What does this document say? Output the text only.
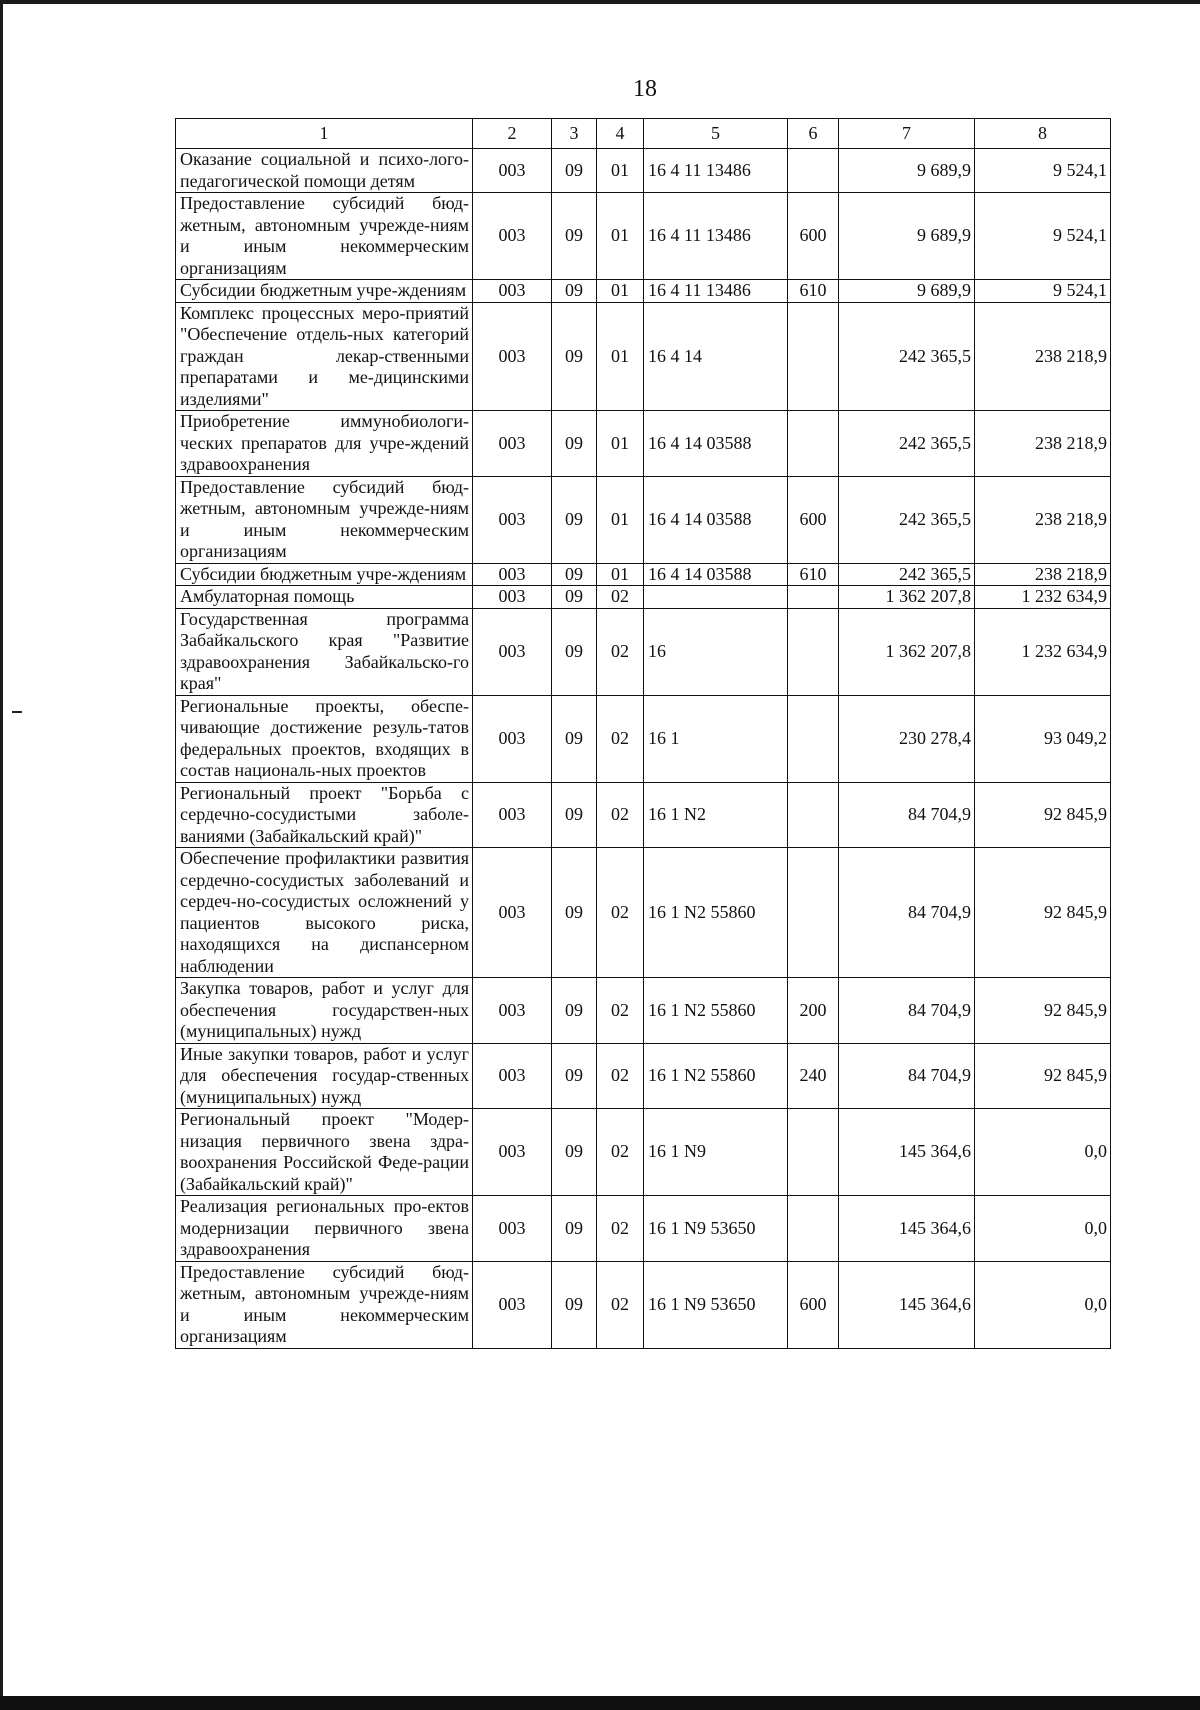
18
1	2	3	4	5	6	7	8
Оказание социальной и психо-лого-педагогической помощи детям	003	09	01	16 4 11 13486		9 689,9	9 524,1
Предоставление субсидий бюд-жетным, автономным учрежде-ниям и иным некоммерческим организациям	003	09	01	16 4 11 13486	600	9 689,9	9 524,1
Субсидии бюджетным учре-ждениям	003	09	01	16 4 11 13486	610	9 689,9	9 524,1
Комплекс процессных меро-приятий "Обеспечение отдель-ных категорий граждан лекар-ственными препаратами и ме-дицинскими изделиями"	003	09	01	16 4 14		242 365,5	238 218,9
Приобретение иммунобиологи-ческих препаратов для учре-ждений здравоохранения	003	09	01	16 4 14 03588		242 365,5	238 218,9
Предоставление субсидий бюд-жетным, автономным учрежде-ниям и иным некоммерческим организациям	003	09	01	16 4 14 03588	600	242 365,5	238 218,9
Субсидии бюджетным учре-ждениям	003	09	01	16 4 14 03588	610	242 365,5	238 218,9
Амбулаторная помощь	003	09	02			1 362 207,8	1 232 634,9
Государственная программа Забайкальского края "Развитие здравоохранения Забайкальско-го края"	003	09	02	16		1 362 207,8	1 232 634,9
Региональные проекты, обеспе-чивающие достижение резуль-татов федеральных проектов, входящих в состав националь-ных проектов	003	09	02	16 1		230 278,4	93 049,2
Региональный проект "Борьба с сердечно-сосудистыми заболе-ваниями (Забайкальский край)"	003	09	02	16 1 N2		84 704,9	92 845,9
Обеспечение профилактики развития сердечно-сосудистых заболеваний и сердеч-но-сосудистых осложнений у пациентов высокого риска, находящихся на диспансерном наблюдении	003	09	02	16 1 N2 55860		84 704,9	92 845,9
Закупка товаров, работ и услуг для обеспечения государствен-ных (муниципальных) нужд	003	09	02	16 1 N2 55860	200	84 704,9	92 845,9
Иные закупки товаров, работ и услуг для обеспечения государ-ственных (муниципальных) нужд	003	09	02	16 1 N2 55860	240	84 704,9	92 845,9
Региональный проект "Модер-низация первичного звена здра-воохранения Российской Феде-рации (Забайкальский край)"	003	09	02	16 1 N9		145 364,6	0,0
Реализация региональных про-ектов модернизации первичного звена здравоохранения	003	09	02	16 1 N9 53650		145 364,6	0,0
Предоставление субсидий бюд-жетным, автономным учрежде-ниям и иным некоммерческим организациям	003	09	02	16 1 N9 53650	600	145 364,6	0,0
